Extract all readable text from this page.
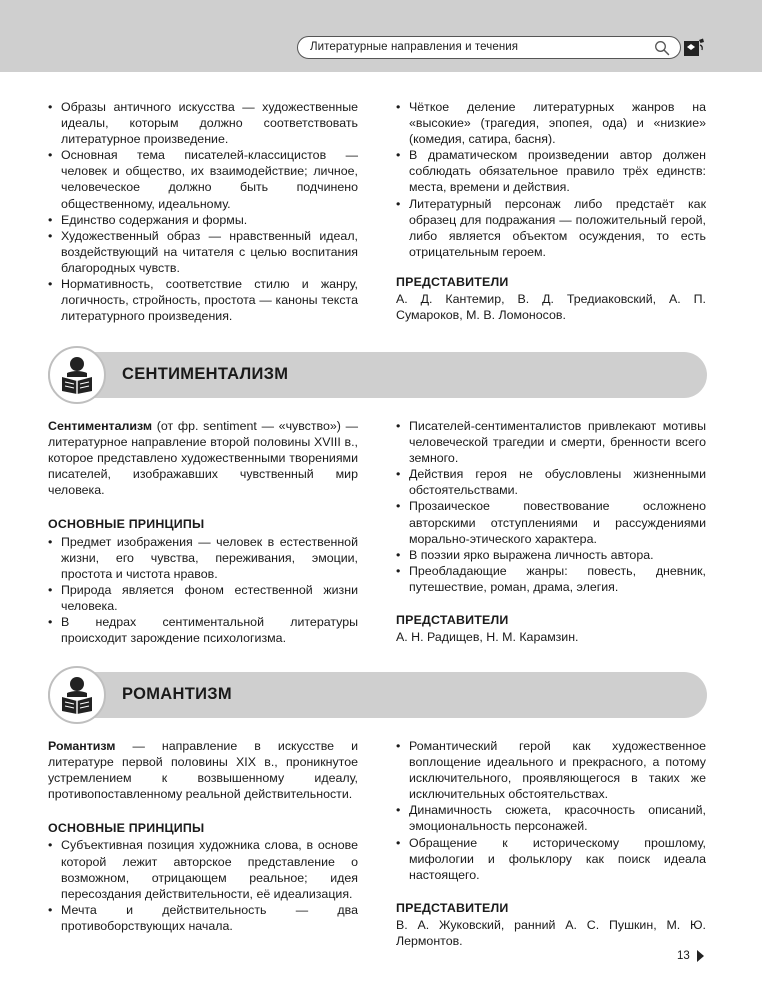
Литературные направления и течения
• Образы античного искусства — художественные идеалы, которым должно соответствовать литературное произведение.
• Основная тема писателей-классицистов — человек и общество, их взаимодействие; личное, человеческое должно быть подчинено общественному, идеальному.
• Единство содержания и формы.
• Художественный образ — нравственный идеал, воздействующий на читателя с целью воспитания благородных чувств.
• Нормативность, соответствие стилю и жанру, логичность, стройность, простота — каноны текста литературного произведения.
• Чёткое деление литературных жанров на «высокие» (трагедия, эпопея, ода) и «низкие» (комедия, сатира, басня).
• В драматическом произведении автор должен соблюдать обязательное правило трёх единств: места, времени и действия.
• Литературный персонаж либо предстаёт как образец для подражания — положительный герой, либо является объектом осуждения, то есть отрицательным героем.
ПРЕДСТАВИТЕЛИ

А. Д. Кантемир, В. Д. Тредиаковский, А. П. Сумароков, М. В. Ломоносов.

СЕНТИМЕНТАЛИЗМ

Сентиментализм (от фр. sentiment — «чувство») — литературное направление второй половины XVIII в., которое представлено художественными творениями писателей, изображавших чувственный мир человека.

ОСНОВНЫЕ ПРИНЦИПЫ
• Предмет изображения — человек в естественной жизни, его чувства, переживания, эмоции, простота и чистота нравов.
• Природа является фоном естественной жизни человека.
• В недрах сентиментальной литературы происходит зарождение психологизма.
• Писателей-сентименталистов привлекают мотивы человеческой трагедии и смерти, бренности всего земного.
• Действия героя не обусловлены жизненными обстоятельствами.
• Прозаическое повествование осложнено авторскими отступлениями и рассуждениями морально-этического характера.
• В поэзии ярко выражена личность автора.
• Преобладающие жанры: повесть, дневник, путешествие, роман, драма, элегия.
ПРЕДСТАВИТЕЛИ

А. Н. Радищев, Н. М. Карамзин.

РОМАНТИЗМ

Романтизм — направление в искусстве и литературе первой половины XIX в., проникнутое устремлением к возвышенному идеалу, противопоставленному реальной действительности.

ОСНОВНЫЕ ПРИНЦИПЫ
• Субъективная позиция художника слова, в основе которой лежит авторское представление о возможном, отрицающем реальное; идея пересоздания действительности, её идеализация.
• Мечта и действительность — два противоборствующих начала.
• Романтический герой как художественное воплощение идеального и прекрасного, а потому исключительного, проявляющегося в таких же исключительных обстоятельствах.
• Динамичность сюжета, красочность описаний, эмоциональность персонажей.
• Обращение к историческому прошлому, мифологии и фольклору как поиск идеала настоящего.
ПРЕДСТАВИТЕЛИ

В. А. Жуковский, ранний А. С. Пушкин, М. Ю. Лермонтов.

13
